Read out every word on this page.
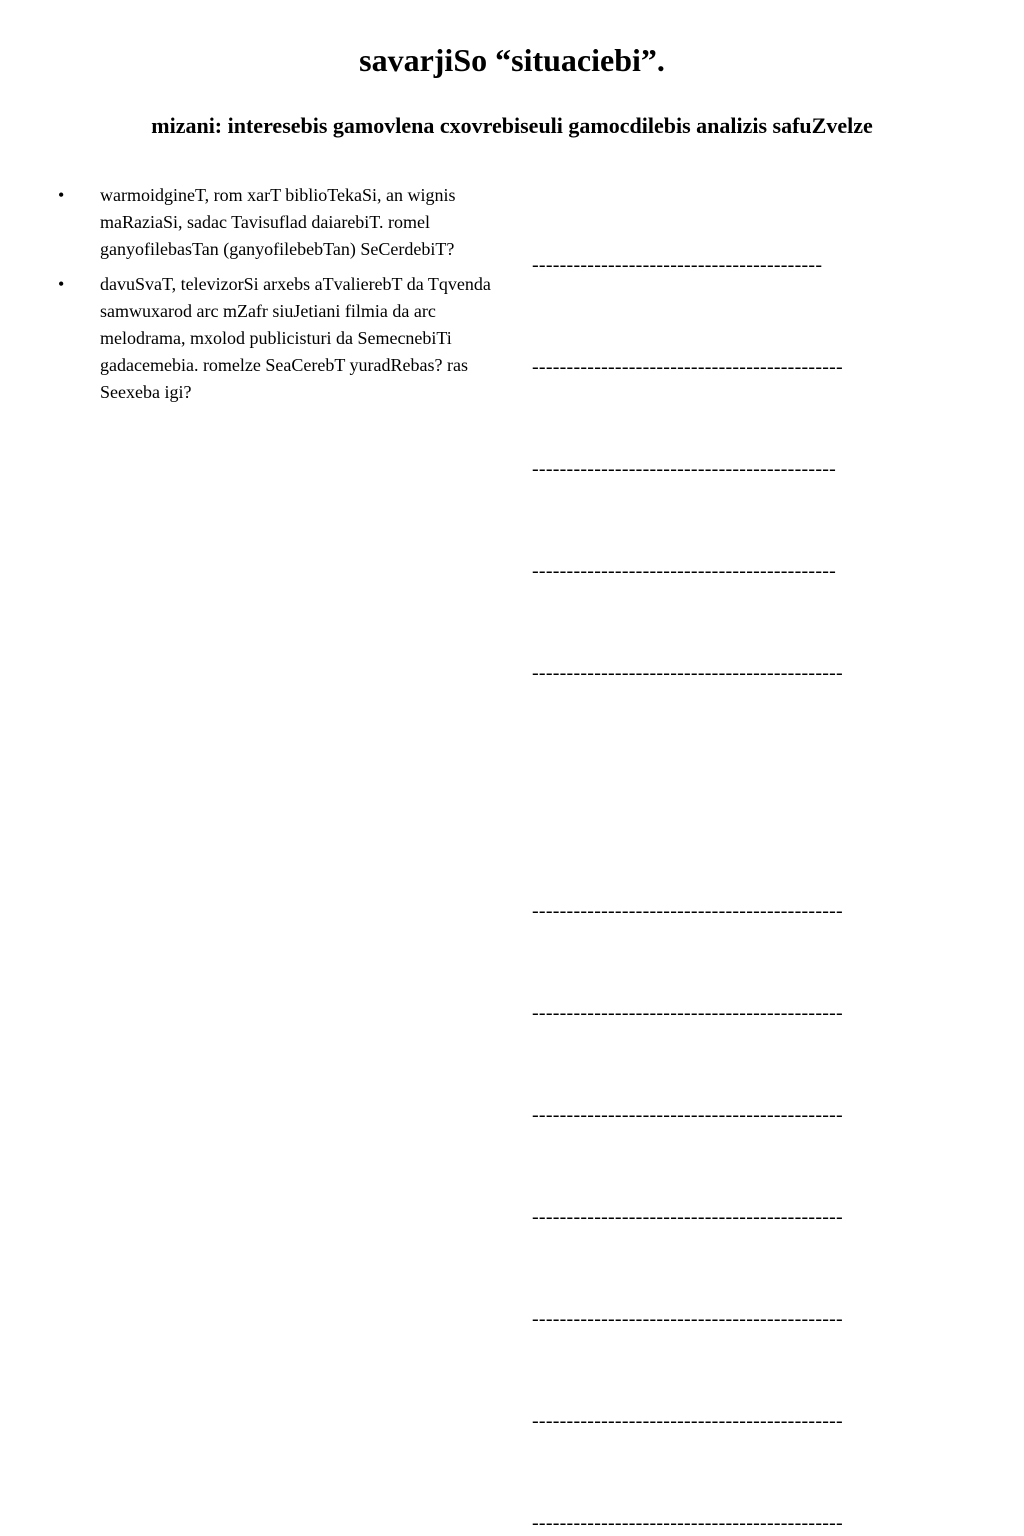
savarjiSo “situaciebi”.
mizani: interesebis gamovlena cxovrebiseuli gamocdilebis analizis safuZvelze
•	warmoidgineT, rom xarT biblioTekaSi, an wignis maRaziaSi, sadac Tavisuflad daiarebiT. romel ganyofilebasTan (ganyofilebebTan) SeCerdebiT?
•	davuSvaT, televizorSi arxebs aTvalierebT da Tqvenda samwuxarod arc mZafr siuJetiani filmia da arc melodrama, mxolod publicisturi da SemecnebiTi gadacemebia. romelze SeaCerebT yuradRebas? ras Seexeba igi?

------------------------------------------

---------------------------------------------

--------------------------------------------

--------------------------------------------

---------------------------------------------

---------------------------------------------

---------------------------------------------

---------------------------------------------

---------------------------------------------

---------------------------------------------

---------------------------------------------

---------------------------------------------
